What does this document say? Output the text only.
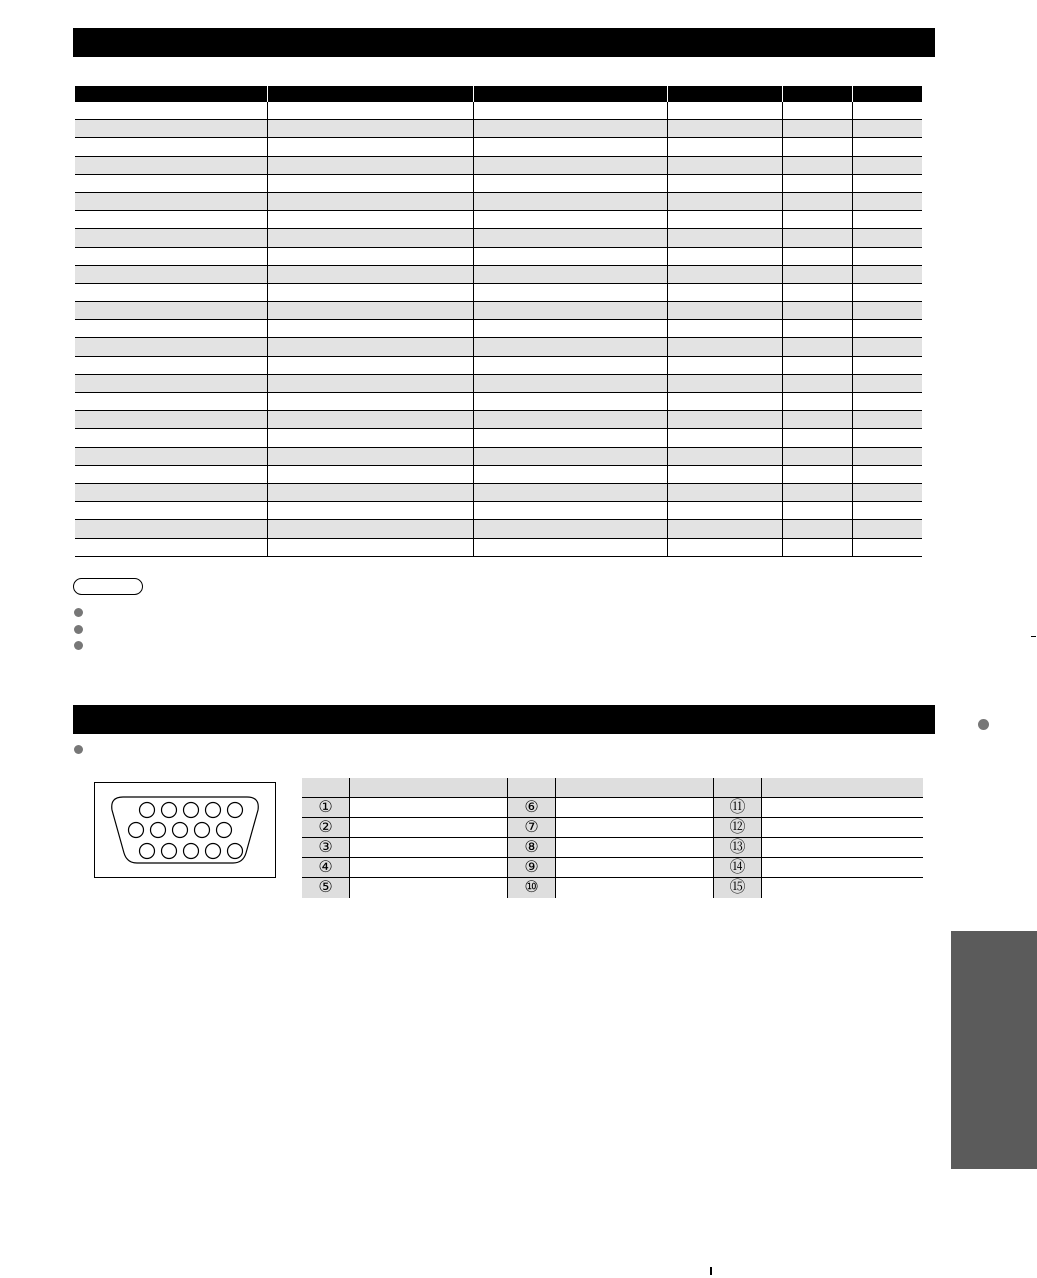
①	⑥	⑪
②	⑦	⑫
③	⑧	⑬
④	⑨	⑭
⑤	⑩	⑮
